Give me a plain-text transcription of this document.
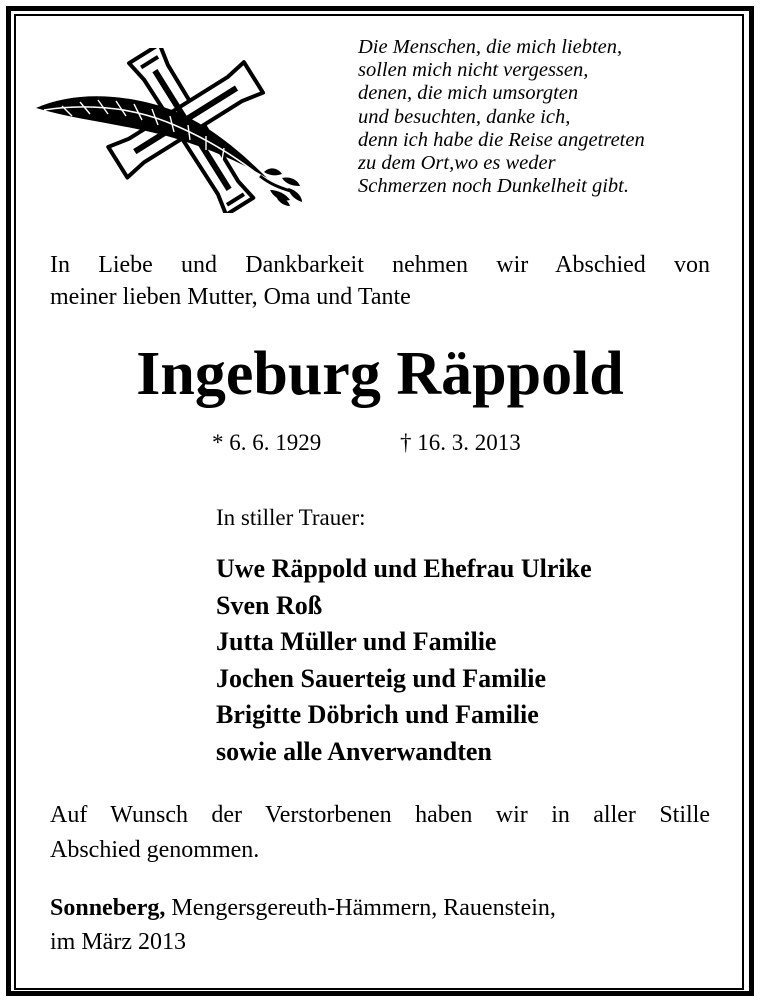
Die Menschen, die mich liebten,
sollen mich nicht vergessen,
denen, die mich umsorgten
und besuchten, danke ich,
denn ich habe die Reise angetreten
zu dem Ort,wo es weder
Schmerzen noch Dunkelheit gibt.
In Liebe und Dankbarkeit nehmen wir Abschied von
meiner lieben Mutter, Oma und Tante
Ingeburg Räppold
* 6. 6. 1929	† 16. 3. 2013
In stiller Trauer:
Uwe Räppold und Ehefrau Ulrike
Sven Roß
Jutta Müller und Familie
Jochen Sauerteig und Familie
Brigitte Döbrich und Familie
sowie alle Anverwandten
Auf Wunsch der Verstorbenen haben wir in aller Stille
Abschied genommen.
Sonneberg, Mengersgereuth-Hämmern, Rauenstein,
im März 2013
